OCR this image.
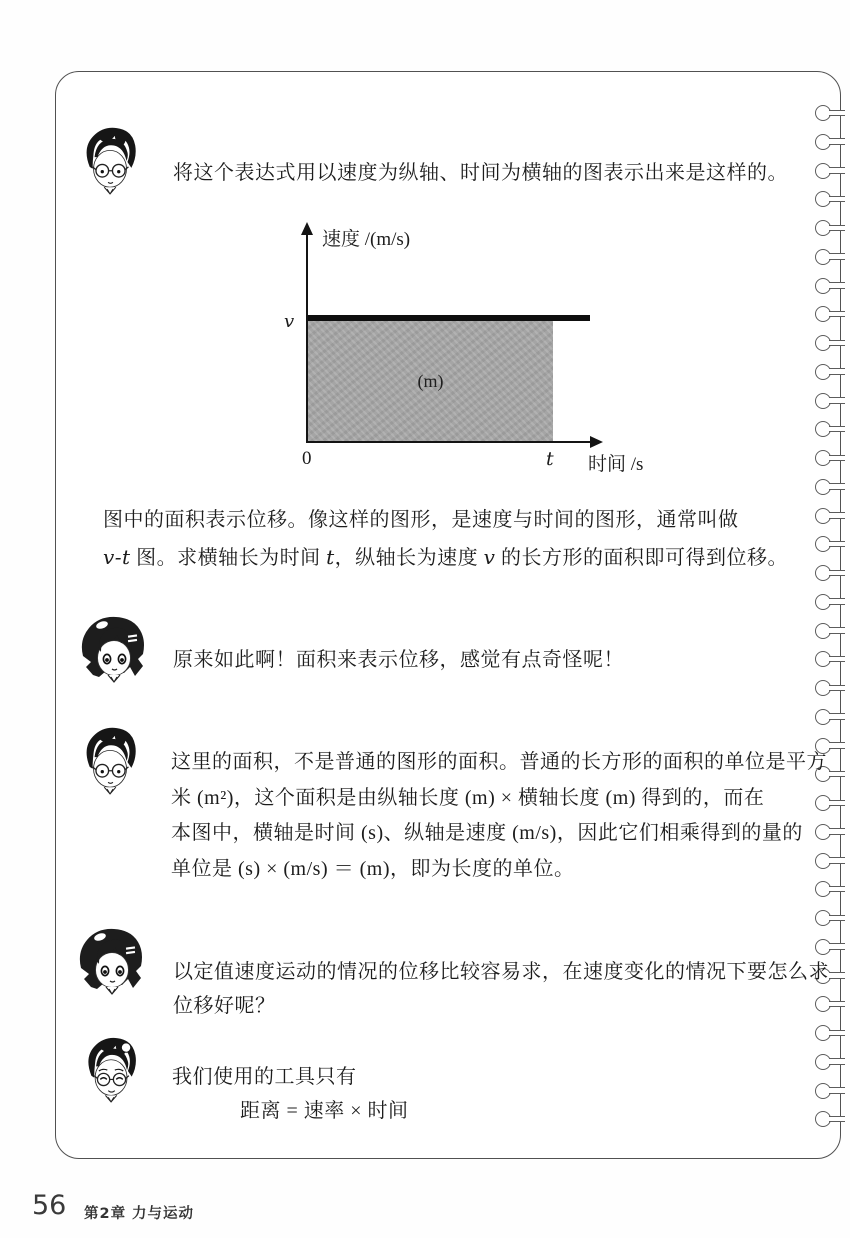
将这个表达式用以速度为纵轴、时间为横轴的图表示出来是这样的。
速度 /(m/s)
(m)
v
0	t 时间 /s
图中的面积表示位移。像这样的图形，是速度与时间的图形，通常叫做
v-t 图。求横轴长为时间 t，纵轴长为速度 v 的长方形的面积即可得到位移。
原来如此啊！面积来表示位移，感觉有点奇怪呢！
这里的面积，不是普通的图形的面积。普通的长方形的面积的单位是平方
米 (m²)，这个面积是由纵轴长度 (m) × 横轴长度 (m) 得到的，而在
本图中，横轴是时间 (s)、纵轴是速度 (m/s)，因此它们相乘得到的量的
单位是 (s) × (m/s) ＝ (m)，即为长度的单位。
以定值速度运动的情况的位移比较容易求，在速度变化的情况下要怎么求
位移好呢？
我们使用的工具只有
距离 = 速率 × 时间
56 第2章 力与运动
